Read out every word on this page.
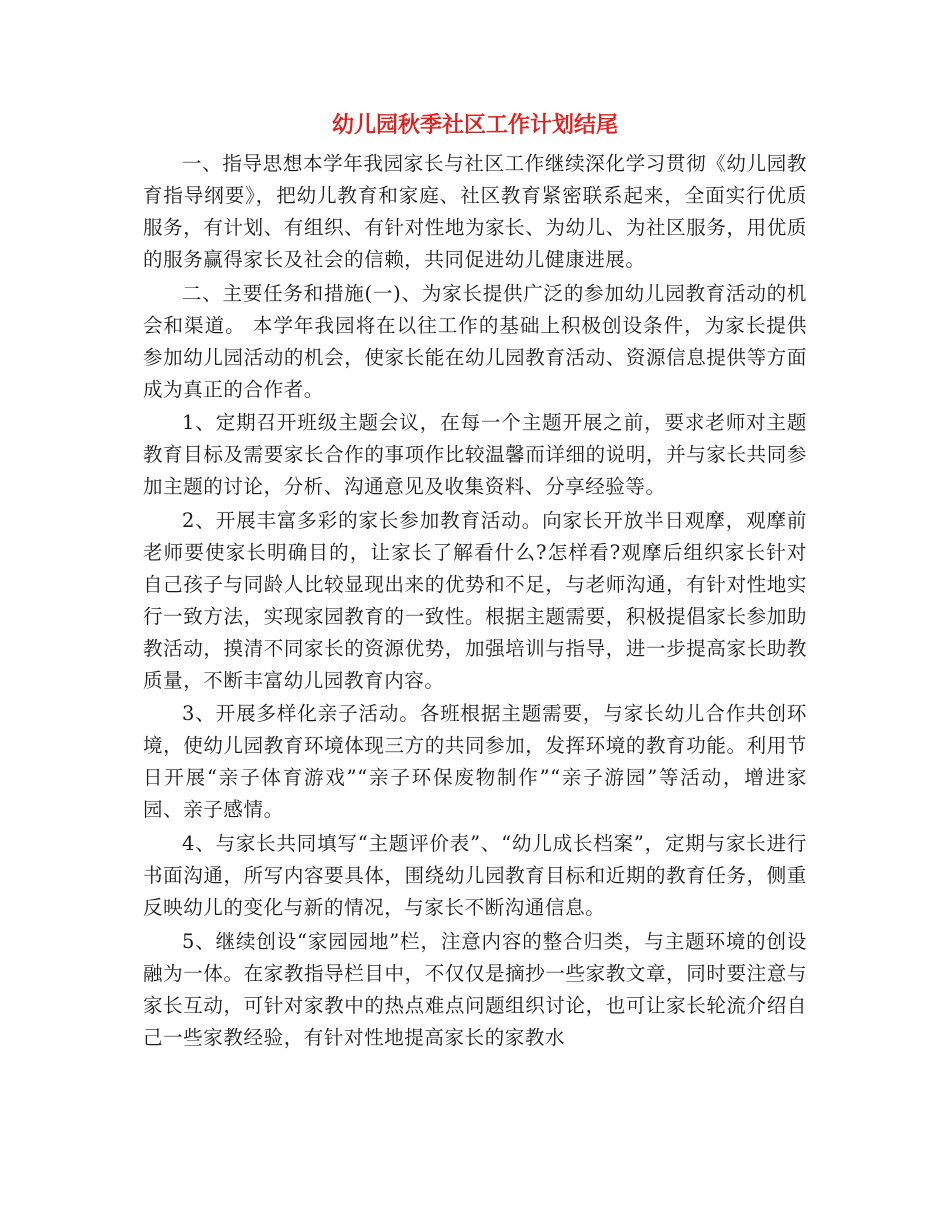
幼儿园秋季社区工作计划结尾

一、指导思想本学年我园家长与社区工作继续深化学习贯彻《幼儿园教育指导纲要》，把幼儿教育和家庭、社区教育紧密联系起来，全面实行优质服务，有计划、有组织、有针对性地为家长、为幼儿、为社区服务，用优质的服务赢得家长及社会的信赖，共同促进幼儿健康进展。

二、主要任务和措施(一)、为家长提供广泛的参加幼儿园教育活动的机会和渠道。 本学年我园将在以往工作的基础上积极创设条件，为家长提供参加幼儿园活动的机会，使家长能在幼儿园教育活动、资源信息提供等方面成为真正的合作者。

1、定期召开班级主题会议，在每一个主题开展之前，要求老师对主题教育目标及需要家长合作的事项作比较温馨而详细的说明，并与家长共同参加主题的讨论，分析、沟通意见及收集资料、分享经验等。

2、开展丰富多彩的家长参加教育活动。向家长开放半日观摩，观摩前老师要使家长明确目的，让家长了解看什么?怎样看?观摩后组织家长针对自己孩子与同龄人比较显现出来的优势和不足，与老师沟通，有针对性地实行一致方法，实现家园教育的一致性。根据主题需要，积极提倡家长参加助教活动，摸清不同家长的资源优势，加强培训与指导，进一步提高家长助教质量，不断丰富幼儿园教育内容。

3、开展多样化亲子活动。各班根据主题需要，与家长幼儿合作共创环境，使幼儿园教育环境体现三方的共同参加，发挥环境的教育功能。利用节日开展“亲子体育游戏”“亲子环保废物制作”“亲子游园”等活动，增进家园、亲子感情。

4、与家长共同填写“主题评价表”、“幼儿成长档案”，定期与家长进行书面沟通，所写内容要具体，围绕幼儿园教育目标和近期的教育任务，侧重反映幼儿的变化与新的情况，与家长不断沟通信息。

5、继续创设“家园园地”栏，注意内容的整合归类，与主题环境的创设融为一体。在家教指导栏目中，不仅仅是摘抄一些家教文章，同时要注意与家长互动，可针对家教中的热点难点问题组织讨论，也可让家长轮流介绍自己一些家教经验，有针对性地提高家长的家教水
